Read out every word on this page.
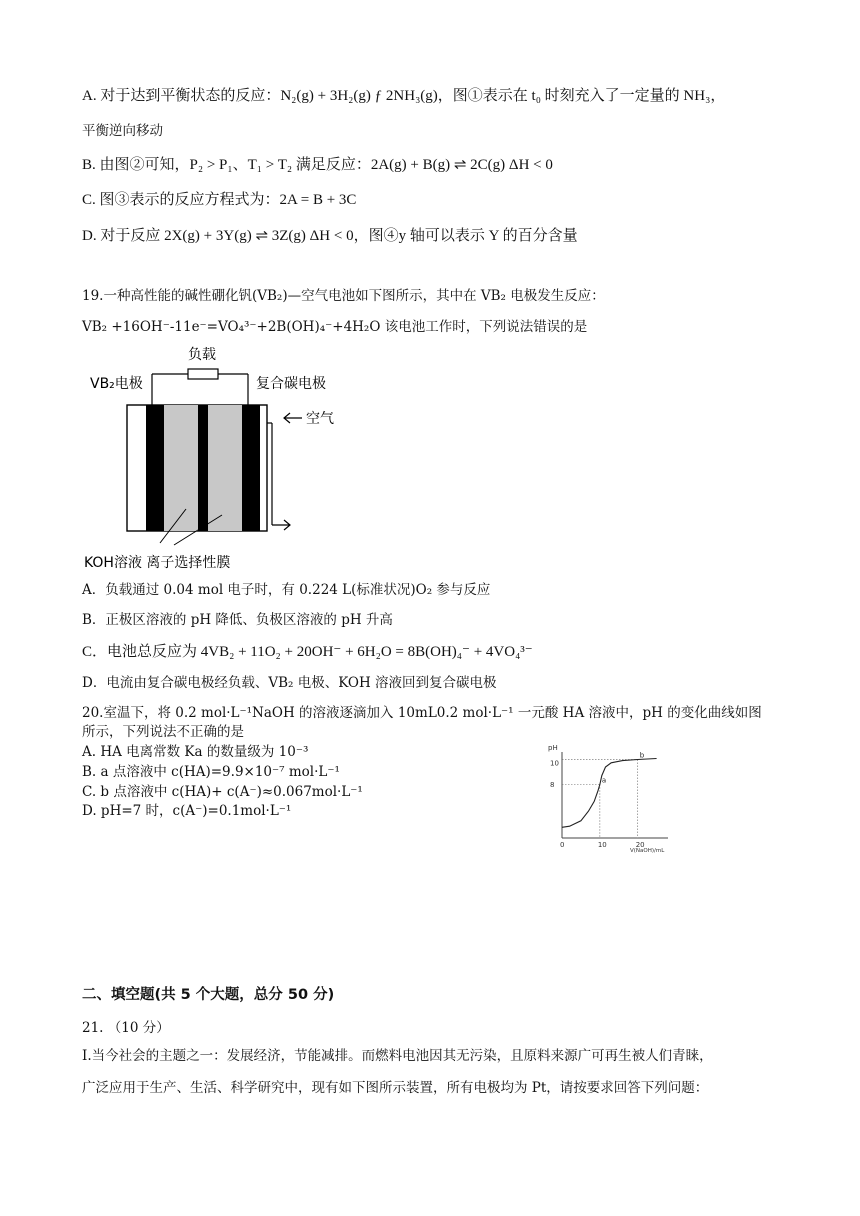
A. 对于达到平衡状态的反应：N₂(g) + 3H₂(g) ƒ 2NH₃(g)，图①表示在 t₀ 时刻充入了一定量的 NH₃，
平衡逆向移动
B. 由图②可知，P₂ > P₁、T₁ > T₂ 满足反应：2A(g) + B(g) ⇌ 2C(g) ΔH < 0
C. 图③表示的反应方程式为：2A = B + 3C
D. 对于反应 2X(g) + 3Y(g) ⇌ 3Z(g) ΔH < 0，图④y 轴可以表示 Y 的百分含量
19.一种高性能的碱性硼化钒(VB₂)—空气电池如下图所示，其中在 VB₂ 电极发生反应：
VB₂ +16OH⁻-11e⁻=VO₄³⁻+2B(OH)₄⁻+4H₂O 该电池工作时，下列说法错误的是
负载
VB₂电极	复合碳电极
空气
KOH溶液 离子选择性膜
A．负载通过 0.04 mol 电子时，有 0.224 L(标准状况)O₂ 参与反应
B．正极区溶液的 pH 降低、负极区溶液的 pH 升高
C．电池总反应为 4VB₂ + 11O₂ + 20OH⁻ + 6H₂O = 8B(OH)₄⁻ + 4VO₄³⁻
D．电流由复合碳电极经负载、VB₂ 电极、KOH 溶液回到复合碳电极
20.室温下，将 0.2 mol·L⁻¹NaOH 的溶液逐滴加入 10mL0.2 mol·L⁻¹ 一元酸 HA 溶液中，pH 的变化曲线如图
所示，下列说法不正确的是
A. HA 电离常数 Ka 的数量级为 10⁻³
B. a 点溶液中 c(HA)=9.9×10⁻⁷ mol·L⁻¹
C. b 点溶液中 c(HA)+ c(A⁻)≈0.067mol·L⁻¹
D. pH=7 时，c(A⁻)=0.1mol·L⁻¹
pH
V(NaOH)/mL
0	10	20
8
10
a
b
二、填空题(共 5 个大题，总分 50 分)
21. （10 分）
Ⅰ.当今社会的主题之一：发展经济，节能减排。而燃料电池因其无污染，且原料来源广可再生被人们青睐，
广泛应用于生产、生活、科学研究中，现有如下图所示装置，所有电极均为 Pt，请按要求回答下列问题：
